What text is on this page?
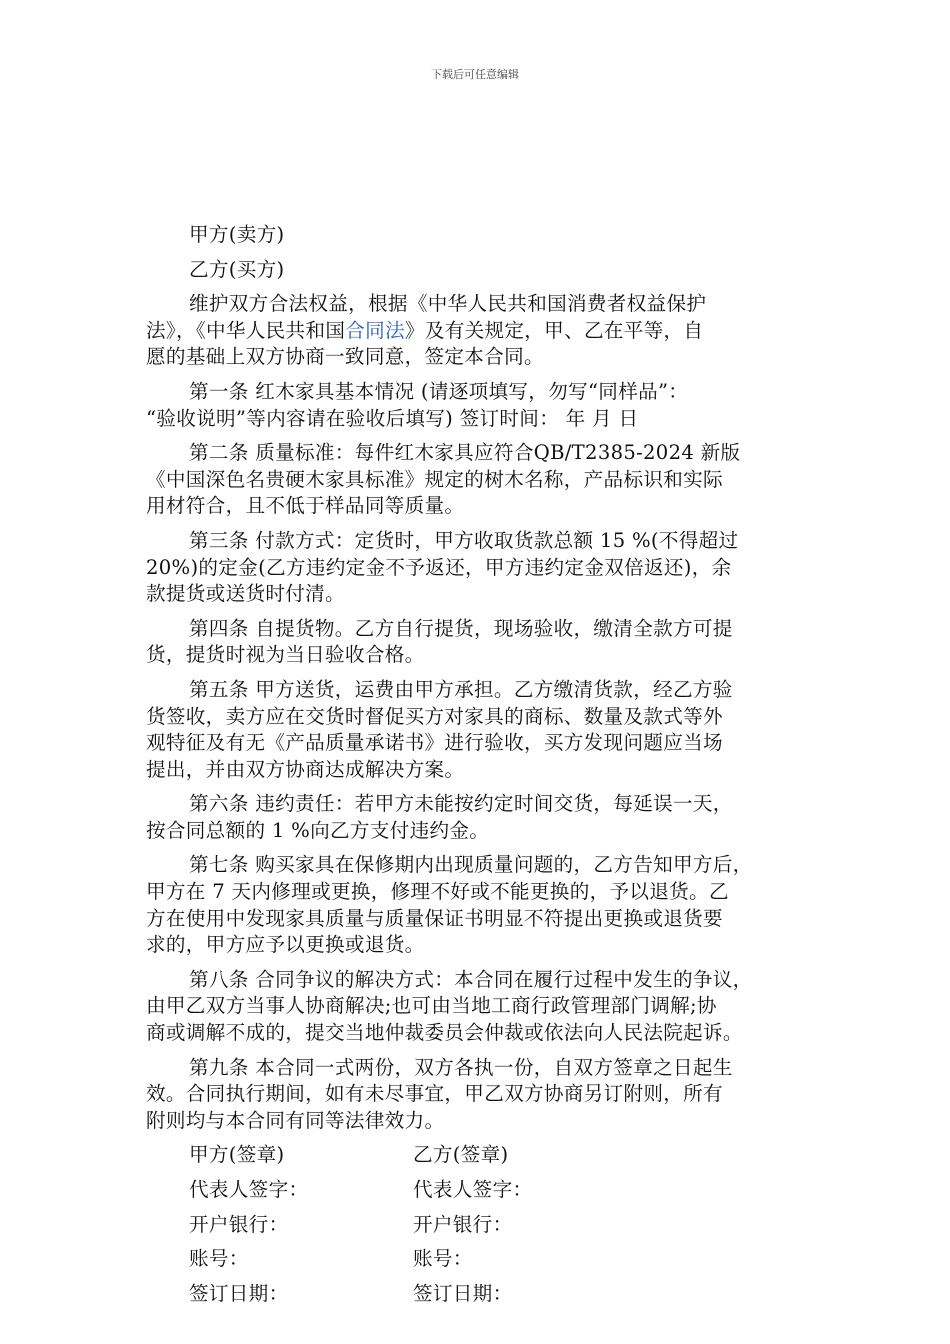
下载后可任意编辑
甲方(卖方)
乙方(买方)
维护双方合法权益，根据《中华人民共和国消费者权益保护
法》，《中华人民共和国合同法》及有关规定，甲、乙在平等，自
愿的基础上双方协商一致同意，签定本合同。
第一条 红木家具基本情况 (请逐项填写，勿写“同样品”：
“验收说明”等内容请在验收后填写) 签订时间： 年 月 日
第二条 质量标准：每件红木家具应符合QB/T2385-2024 新版
《中国深色名贵硬木家具标准》规定的树木名称，产品标识和实际
用材符合，且不低于样品同等质量。
第三条 付款方式：定货时，甲方收取货款总额 15 %(不得超过
20%)的定金(乙方违约定金不予返还，甲方违约定金双倍返还)，余
款提货或送货时付清。
第四条 自提货物。乙方自行提货，现场验收，缴清全款方可提
货，提货时视为当日验收合格。
第五条 甲方送货，运费由甲方承担。乙方缴清货款，经乙方验
货签收，卖方应在交货时督促买方对家具的商标、数量及款式等外
观特征及有无《产品质量承诺书》进行验收，买方发现问题应当场
提出，并由双方协商达成解决方案。
第六条 违约责任：若甲方未能按约定时间交货，每延误一天，
按合同总额的 1 %向乙方支付违约金。
第七条 购买家具在保修期内出现质量问题的，乙方告知甲方后，
甲方在 7 天内修理或更换，修理不好或不能更换的，予以退货。乙
方在使用中发现家具质量与质量保证书明显不符提出更换或退货要
求的，甲方应予以更换或退货。
第八条 合同争议的解决方式：本合同在履行过程中发生的争议，
由甲乙双方当事人协商解决;也可由当地工商行政管理部门调解;协
商或调解不成的，提交当地仲裁委员会仲裁或依法向人民法院起诉。
第九条 本合同一式两份，双方各执一份，自双方签章之日起生
效。合同执行期间，如有未尽事宜，甲乙双方协商另订附则，所有
附则均与本合同有同等法律效力。
甲方(签章)	乙方(签章)
代表人签字：	代表人签字：
开户银行：	开户银行：
账号：	账号：
签订日期：	签订日期：
